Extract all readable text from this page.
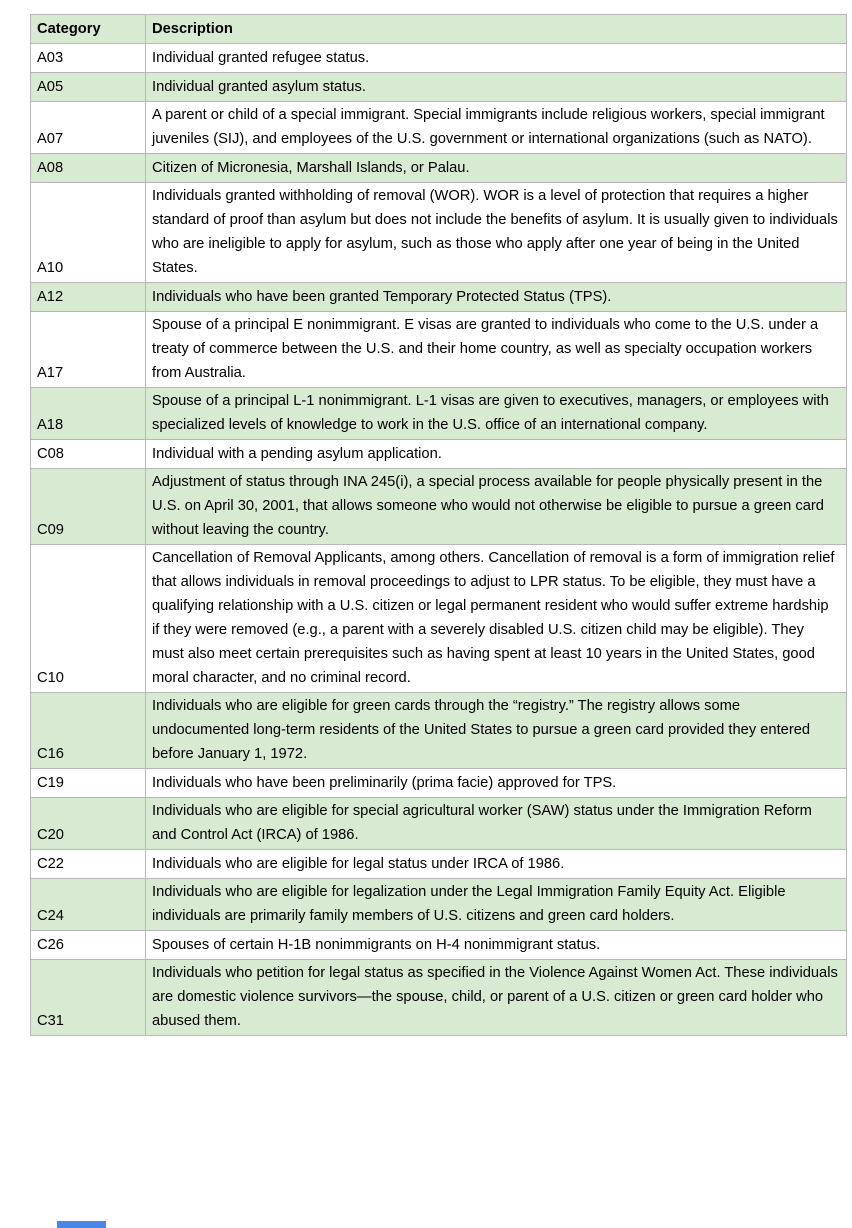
Category	Description
A03	Individual granted refugee status.
A05	Individual granted asylum status.
A07	A parent or child of a special immigrant. Special immigrants include religious workers, special immigrant juveniles (SIJ), and employees of the U.S. government or international organizations (such as NATO).
A08	Citizen of Micronesia, Marshall Islands, or Palau.
A10	Individuals granted withholding of removal (WOR). WOR is a level of protection that requires a higher standard of proof than asylum but does not include the benefits of asylum. It is usually given to individuals who are ineligible to apply for asylum, such as those who apply after one year of being in the United States.
A12	Individuals who have been granted Temporary Protected Status (TPS).
A17	Spouse of a principal E nonimmigrant. E visas are granted to individuals who come to the U.S. under a treaty of commerce between the U.S. and their home country, as well as specialty occupation workers from Australia.
A18	Spouse of a principal L-1 nonimmigrant. L-1 visas are given to executives, managers, or employees with specialized levels of knowledge to work in the U.S. office of an international company.
C08	Individual with a pending asylum application.
C09	Adjustment of status through INA 245(i), a special process available for people physically present in the U.S. on April 30, 2001, that allows someone who would not otherwise be eligible to pursue a green card without leaving the country.
C10	Cancellation of Removal Applicants, among others. Cancellation of removal is a form of immigration relief that allows individuals in removal proceedings to adjust to LPR status. To be eligible, they must have a qualifying relationship with a U.S. citizen or legal permanent resident who would suffer extreme hardship if they were removed (e.g., a parent with a severely disabled U.S. citizen child may be eligible). They must also meet certain prerequisites such as having spent at least 10 years in the United States, good moral character, and no criminal record.
C16	Individuals who are eligible for green cards through the “registry.” The registry allows some undocumented long-term residents of the United States to pursue a green card provided they entered before January 1, 1972.
C19	Individuals who have been preliminarily (prima facie) approved for TPS.
C20	Individuals who are eligible for special agricultural worker (SAW) status under the Immigration Reform and Control Act (IRCA) of 1986.
C22	Individuals who are eligible for legal status under IRCA of 1986.
C24	Individuals who are eligible for legalization under the Legal Immigration Family Equity Act. Eligible individuals are primarily family members of U.S. citizens and green card holders.
C26	Spouses of certain H-1B nonimmigrants on H-4 nonimmigrant status.
C31	Individuals who petition for legal status as specified in the Violence Against Women Act. These individuals are domestic violence survivors—the spouse, child, or parent of a U.S. citizen or green card holder who abused them.
